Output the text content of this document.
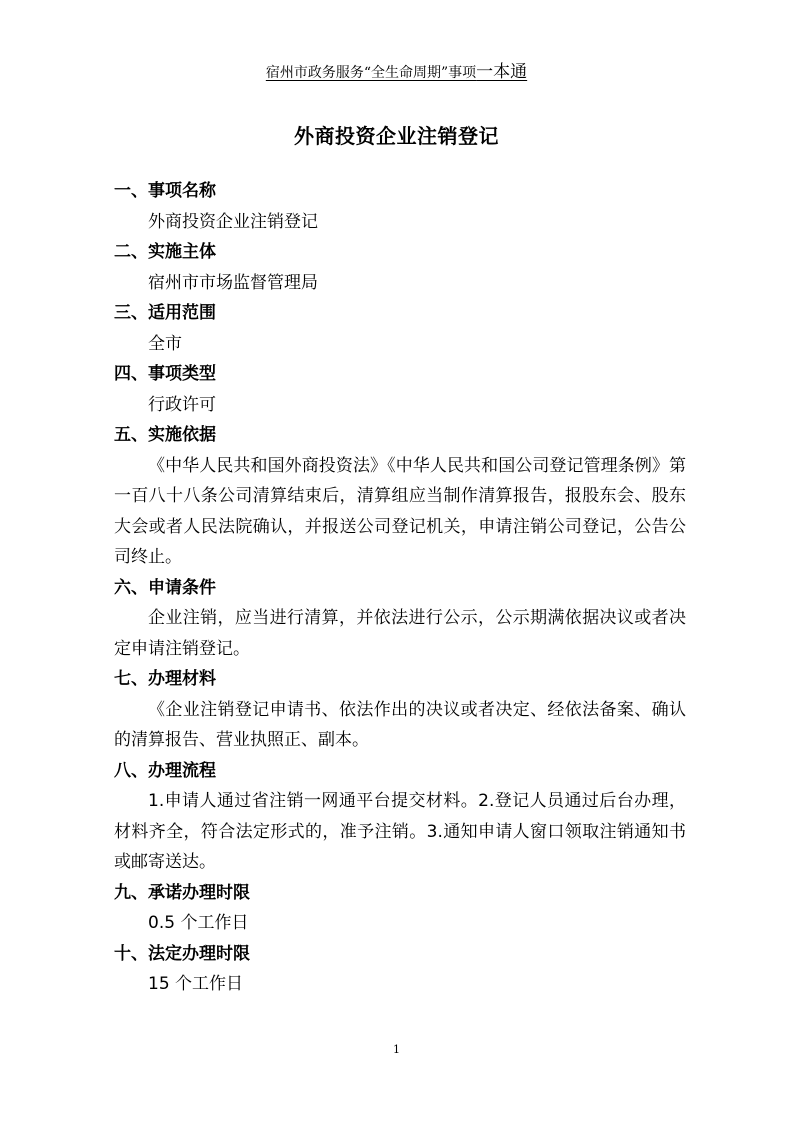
宿州市政务服务“全生命周期”事项一本通
外商投资企业注销登记
一、事项名称
外商投资企业注销登记
二、实施主体
宿州市市场监督管理局
三、适用范围
全市
四、事项类型
行政许可
五、实施依据
《中华人民共和国外商投资法》《中华人民共和国公司登记管理条例》第一百八十八条公司清算结束后，清算组应当制作清算报告，报股东会、股东大会或者人民法院确认，并报送公司登记机关，申请注销公司登记，公告公司终止。
六、申请条件
企业注销，应当进行清算，并依法进行公示，公示期满依据决议或者决定申请注销登记。
七、办理材料
《企业注销登记申请书、依法作出的决议或者决定、经依法备案、确认的清算报告、营业执照正、副本。
八、办理流程
1.申请人通过省注销一网通平台提交材料。2.登记人员通过后台办理，材料齐全，符合法定形式的，准予注销。3.通知申请人窗口领取注销通知书或邮寄送达。
九、承诺办理时限
0.5 个工作日
十、法定办理时限
15 个工作日
1
